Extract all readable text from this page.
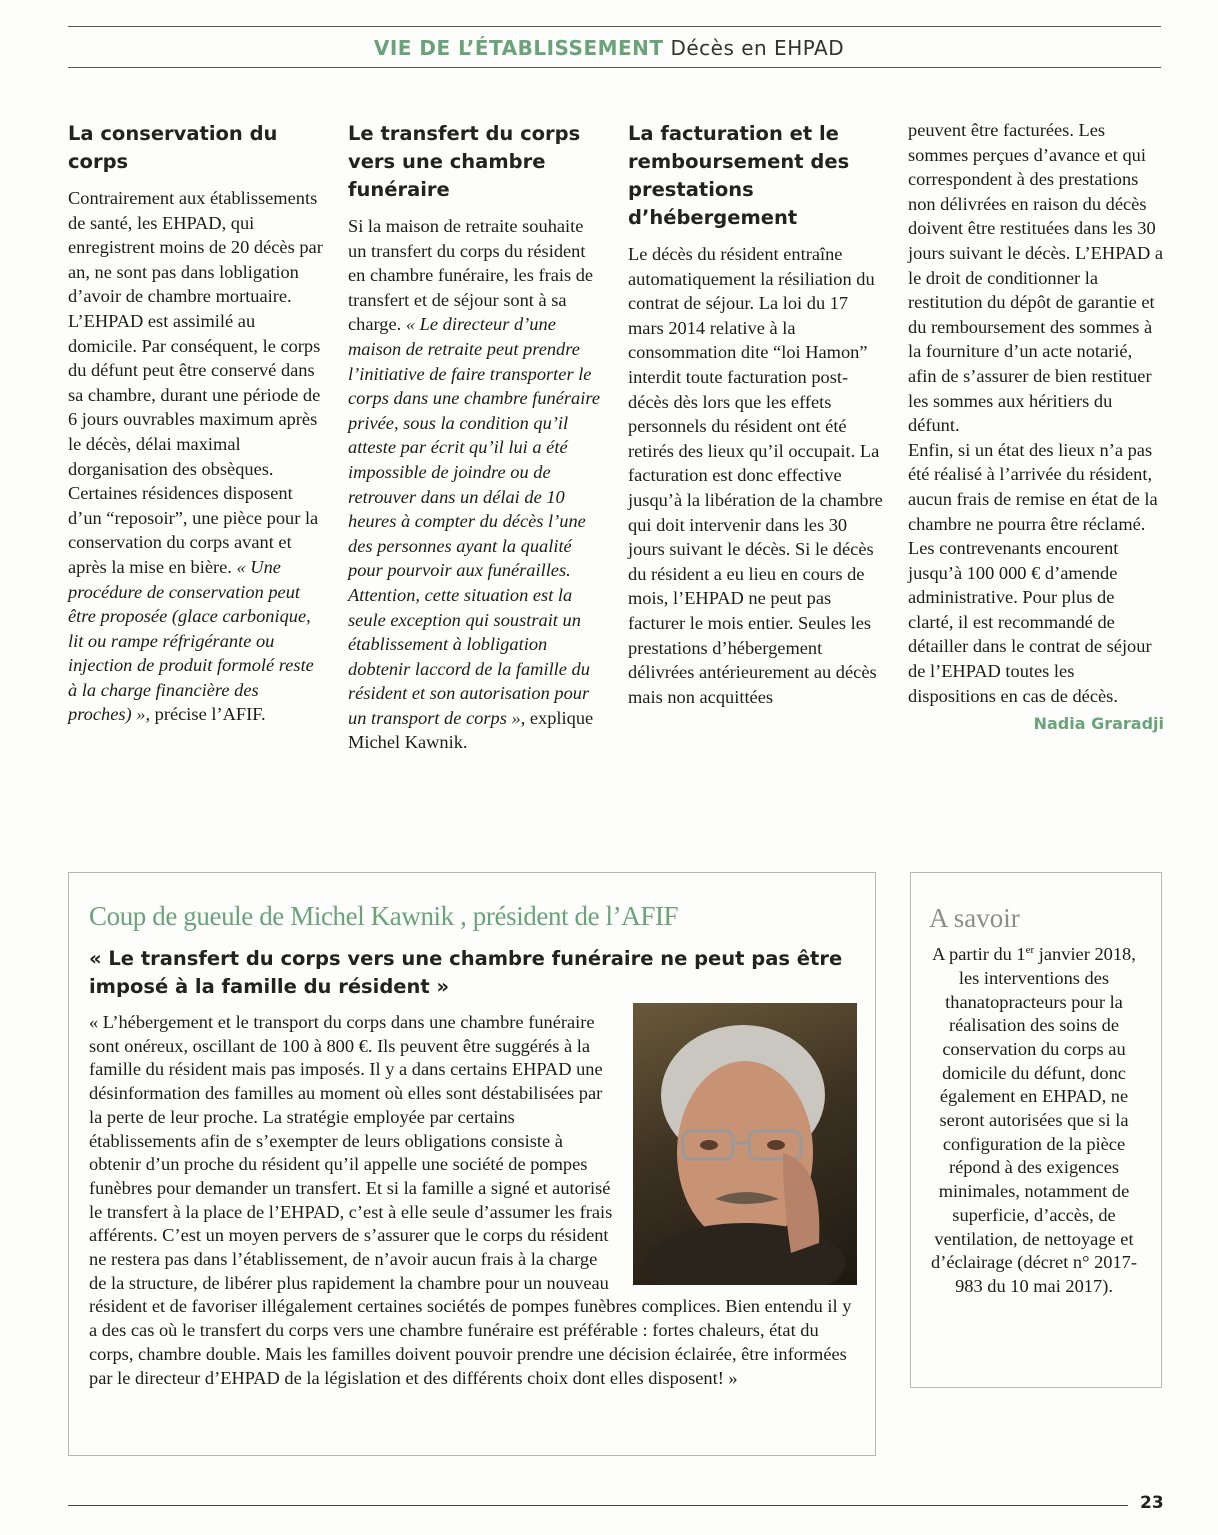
VIE DE L’ÉTABLISSEMENT Décès en EHPAD
La conservation du corps

Contrairement aux établissements de santé, les EHPAD, qui enregistrent moins de 20 décès par an, ne sont pas dans lobligation d’avoir de chambre mortuaire. L’EHPAD est assimilé au domicile. Par conséquent, le corps du défunt peut être conservé dans sa chambre, durant une période de 6 jours ouvrables maximum après le décès, délai maximal dorganisation des obsèques. Certaines résidences disposent d’un “reposoir”, une pièce pour la conservation du corps avant et après la mise en bière. « Une procédure de conservation peut être proposée (glace carbonique, lit ou rampe réfrigérante ou injection de produit formolé reste à la charge financière des proches) », précise l’AFIF.

Le transfert du corps vers une chambre funéraire

Si la maison de retraite souhaite un transfert du corps du résident en chambre funéraire, les frais de transfert et de séjour sont à sa charge. « Le directeur d’une maison de retraite peut prendre l’initiative de faire transporter le corps dans une chambre funéraire privée, sous la condition qu’il atteste par écrit qu’il lui a été impossible de joindre ou de retrouver dans un délai de 10 heures à compter du décès l’une des personnes ayant la qualité pour pourvoir aux funérailles. Attention, cette situation est la seule exception qui soustrait un établissement à lobligation dobtenir laccord de la famille du résident et son autorisation pour un transport de corps », explique Michel Kawnik.

La facturation et le remboursement des prestations d’hébergement

Le décès du résident entraîne automatiquement la résiliation du contrat de séjour. La loi du 17 mars 2014 relative à la consommation dite “loi Hamon” interdit toute facturation post-décès dès lors que les effets personnels du résident ont été retirés des lieux qu’il occupait. La facturation est donc effective jusqu’à la libération de la chambre qui doit intervenir dans les 30 jours suivant le décès. Si le décès du résident a eu lieu en cours de mois, l’EHPAD ne peut pas facturer le mois entier. Seules les prestations d’hébergement délivrées antérieurement au décès mais non acquittées

peuvent être facturées. Les sommes perçues d’avance et qui correspondent à des prestations non délivrées en raison du décès doivent être restituées dans les 30 jours suivant le décès. L’EHPAD a le droit de conditionner la restitution du dépôt de garantie et du remboursement des sommes à la fourniture d’un acte notarié, afin de s’assurer de bien restituer les sommes aux héritiers du défunt.

Enfin, si un état des lieux n’a pas été réalisé à l’arrivée du résident, aucun frais de remise en état de la chambre ne pourra être réclamé. Les contrevenants encourent jusqu’à 100 000 € d’amende administrative. Pour plus de clarté, il est recommandé de détailler dans le contrat de séjour de l’EHPAD toutes les dispositions en cas de décès.

Nadia Graradji
Coup de gueule de Michel Kawnik , président de l’AFIF
« Le transfert du corps vers une chambre funéraire ne peut pas être imposé à la famille du résident »
« L’hébergement et le transport du corps dans une chambre funéraire sont onéreux, oscillant de 100 à 800 €. Ils peuvent être suggérés à la famille du résident mais pas imposés. Il y a dans certains EHPAD une désinformation des familles au moment où elles sont déstabilisées par la perte de leur proche. La stratégie employée par certains établissements afin de s’exempter de leurs obligations consiste à obtenir d’un proche du résident qu’il appelle une société de pompes funèbres pour demander un transfert. Et si la famille a signé et autorisé le transfert à la place de l’EHPAD, c’est à elle seule d’assumer les frais afférents. C’est un moyen pervers de s’assurer que le corps du résident ne restera pas dans l’établissement, de n’avoir aucun frais à la charge de la structure, de libérer plus rapidement la chambre pour un nouveau résident et de favoriser illégalement certaines sociétés de pompes funèbres complices. Bien entendu il y a des cas où le transfert du corps vers une chambre funéraire est préférable : fortes chaleurs, état du corps, chambre double. Mais les familles doivent pouvoir prendre une décision éclairée, être informées par le directeur d’EHPAD de la législation et des différents choix dont elles disposent! »
A savoir
A partir du 1er janvier 2018, les interventions des thanatopracteurs pour la réalisation des soins de conservation du corps au domicile du défunt, donc également en EHPAD, ne seront autorisées que si la configuration de la pièce répond à des exigences minimales, notamment de superficie, d’accès, de ventilation, de nettoyage et d’éclairage (décret n° 2017-983 du 10 mai 2017).
23
